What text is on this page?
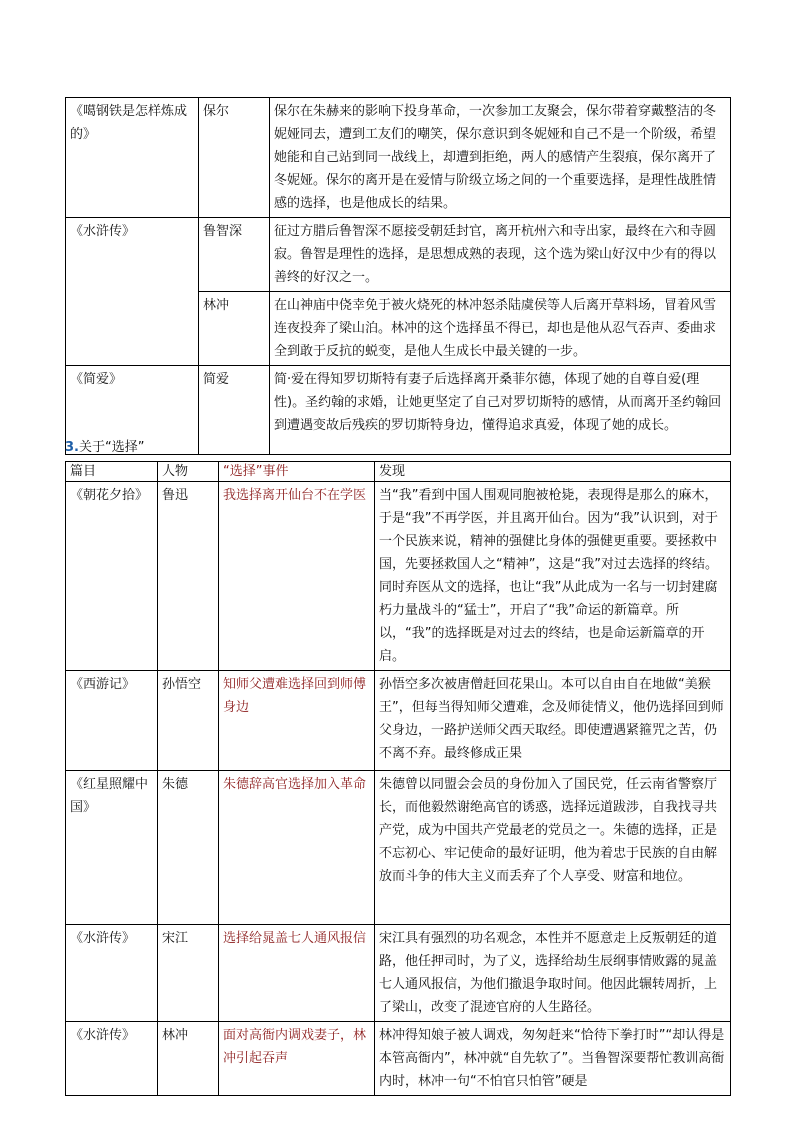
《噶钢铁是怎样炼成的》	保尔	保尔在朱赫来的影响下投身革命，一次参加工友聚会，保尔带着穿戴整洁的冬妮娅同去，遭到工友们的嘲笑，保尔意识到冬妮娅和自己不是一个阶级，希望她能和自己站到同一战线上，却遭到拒绝，两人的感情产生裂痕，保尔离开了冬妮娅。保尔的离开是在爱情与阶级立场之间的一个重要选择，是理性战胜情感的选择，也是他成长的结果。
《水浒传》	鲁智深	征过方腊后鲁智深不愿接受朝廷封官，离开杭州六和寺出家，最终在六和寺圆寂。鲁智是理性的选择，是思想成熟的表现，这个选为梁山好汉中少有的得以善终的好汉之一。
	林冲	在山神庙中侥幸免于被火烧死的林冲怒杀陆虞侯等人后离开草料场，冒着风雪连夜投奔了梁山泊。林冲的这个选择虽不得已，却也是他从忍气吞声、委曲求全到敢于反抗的蜕变，是他人生成长中最关键的一步。
《简爱》	简爱	简·爱在得知罗切斯特有妻子后选择离开桑菲尔德，体现了她的自尊自爱(理性)。圣约翰的求婚，让她更坚定了自己对罗切斯特的感情，从而离开圣约翰回到遭遇变故后残疾的罗切斯特身边，懂得追求真爱，体现了她的成长。
3.关于“选择”
篇目	人物	“选择”事件	发现
《朝花夕拾》	鲁迅	我选择离开仙台不在学医	当“我”看到中国人围观同胞被枪毙，表现得是那么的麻木，于是“我”不再学医，并且离开仙台。因为“我”认识到，对于一个民族来说，精神的强健比身体的强健更重要。要拯救中国，先要拯救国人之“精神”，这是“我”对过去选择的终结。同时弃医从文的选择，也让“我”从此成为一名与一切封建腐朽力量战斗的“猛士”，开启了“我”命运的新篇章。所以，“我”的选择既是对过去的终结，也是命运新篇章的开启。
《西游记》	孙悟空	知师父遭难选择回到师傅身边	孙悟空多次被唐僧赶回花果山。本可以自由自在地做“美猴王”，但每当得知师父遭难，念及师徒情义，他仍选择回到师父身边，一路护送师父西天取经。即使遭遇紧箍咒之苦，仍不离不弃。最终修成正果
《红星照耀中国》	朱德	朱德辞高官选择加入革命	朱德曾以同盟会会员的身份加入了国民党，任云南省警察厅长，而他毅然谢绝高官的诱惑，选择远道跋涉，自我找寻共产党，成为中国共产党最老的党员之一。朱德的选择，正是不忘初心、牢记使命的最好证明，他为着忠于民族的自由解放而斗争的伟大主义而丢弃了个人享受、财富和地位。
《水浒传》	宋江	选择给晁盖七人通风报信	宋江具有强烈的功名观念，本性并不愿意走上反叛朝廷的道路，他任押司时，为了义，选择给劫生辰纲事情败露的晁盖七人通风报信，为他们撤退争取时间。他因此辗转周折，上了梁山，改变了混迹官府的人生路径。
《水浒传》	林冲	面对高衙内调戏妻子，林冲引起吞声	林冲得知娘子被人调戏，匆匆赶来“恰待下拳打时”“却认得是本管高衙内”，林冲就“自先软了”。当鲁智深要帮忙教训高衙内时，林冲一句“不怕官只怕管”硬是
